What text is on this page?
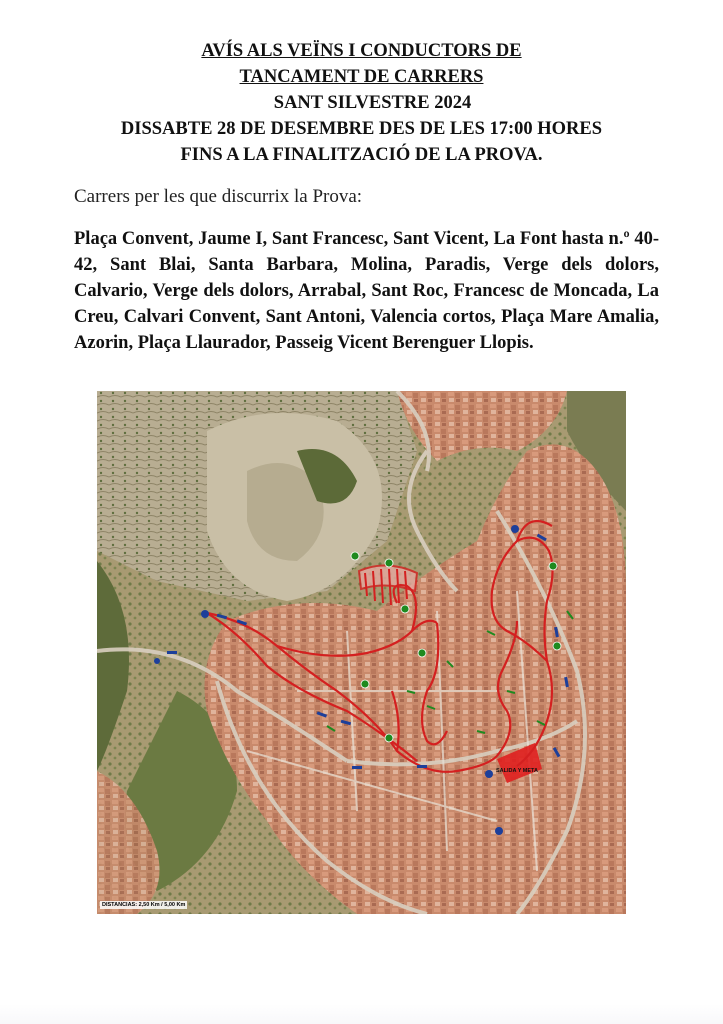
AVÍS ALS VEÏNS I CONDUCTORS DE
TANCAMENT DE CARRERS
SANT SILVESTRE 2024
DISSABTE 28 DE DESEMBRE DES DE LES 17:00 HORES
FINS A LA FINALITZACIÓ DE LA PROVA.
Carrers per les que discurrix la Prova:
Plaça Convent, Jaume I, Sant Francesc, Sant Vicent, La Font hasta n.º 40-42, Sant Blai, Santa Barbara, Molina, Paradis, Verge dels dolors, Calvario, Verge dels dolors, Arrabal, Sant Roc, Francesc de Moncada, La Creu, Calvari Convent, Sant Antoni, Valencia cortos, Plaça Mare Amalia, Azorin, Plaça Llaurador, Passeig Vicent Berenguer Llopis.
DISTANCIAS: 2,50 Km / 5,00 Km
SALIDA Y META
